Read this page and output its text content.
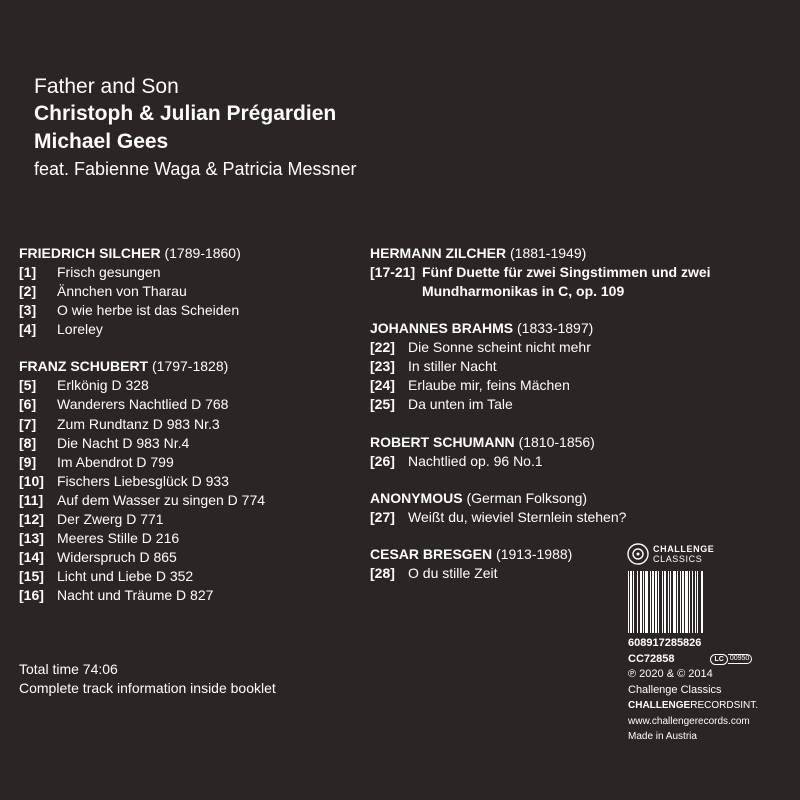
Father and Son

Christoph & Julian Prégardien

Michael Gees

feat. Fabienne Waga & Patricia Messner

FRIEDRICH SILCHER (1789-1860)
[1]	Frisch gesungen
[2]	Ännchen von Tharau
[3]	O wie herbe ist das Scheiden
[4]	Loreley
FRANZ SCHUBERT (1797-1828)
[5]	Erlkönig D 328
[6]	Wanderers Nachtlied D 768
[7]	Zum Rundtanz D 983 Nr.3
[8]	Die Nacht D 983 Nr.4
[9]	Im Abendrot D 799
[10] Fischers Liebesglück D 933
[11] Auf dem Wasser zu singen D 774
[12] Der Zwerg D 771
[13] Meeres Stille D 216
[14] Widerspruch D 865
[15] Licht und Liebe D 352
[16] Nacht und Träume D 827
HERMANN ZILCHER (1881-1949)
[17-21] Fünf Duette für zwei Singstimmen und zwei Mundharmonikas in C, op. 109
JOHANNES BRAHMS (1833-1897)
[22] Die Sonne scheint nicht mehr
[23] In stiller Nacht
[24] Erlaube mir, feins Mächen
[25] Da unten im Tale
ROBERT SCHUMANN (1810-1856)
[26] Nachtlied op. 96 No.1
ANONYMOUS (German Folksong)
[27] Weißt du, wieviel Sternlein stehen?
CESAR BRESGEN (1913-1988)
[28] O du stille Zeit
Total time 74:06
Complete track information inside booklet
CHALLENGE
CLASSICS
608917285826
CC72858	LC 00950
℗ 2020 & © 2014
Challenge Classics
CHALLENGERECORDSINT.
www.challengerecords.com
Made in Austria
